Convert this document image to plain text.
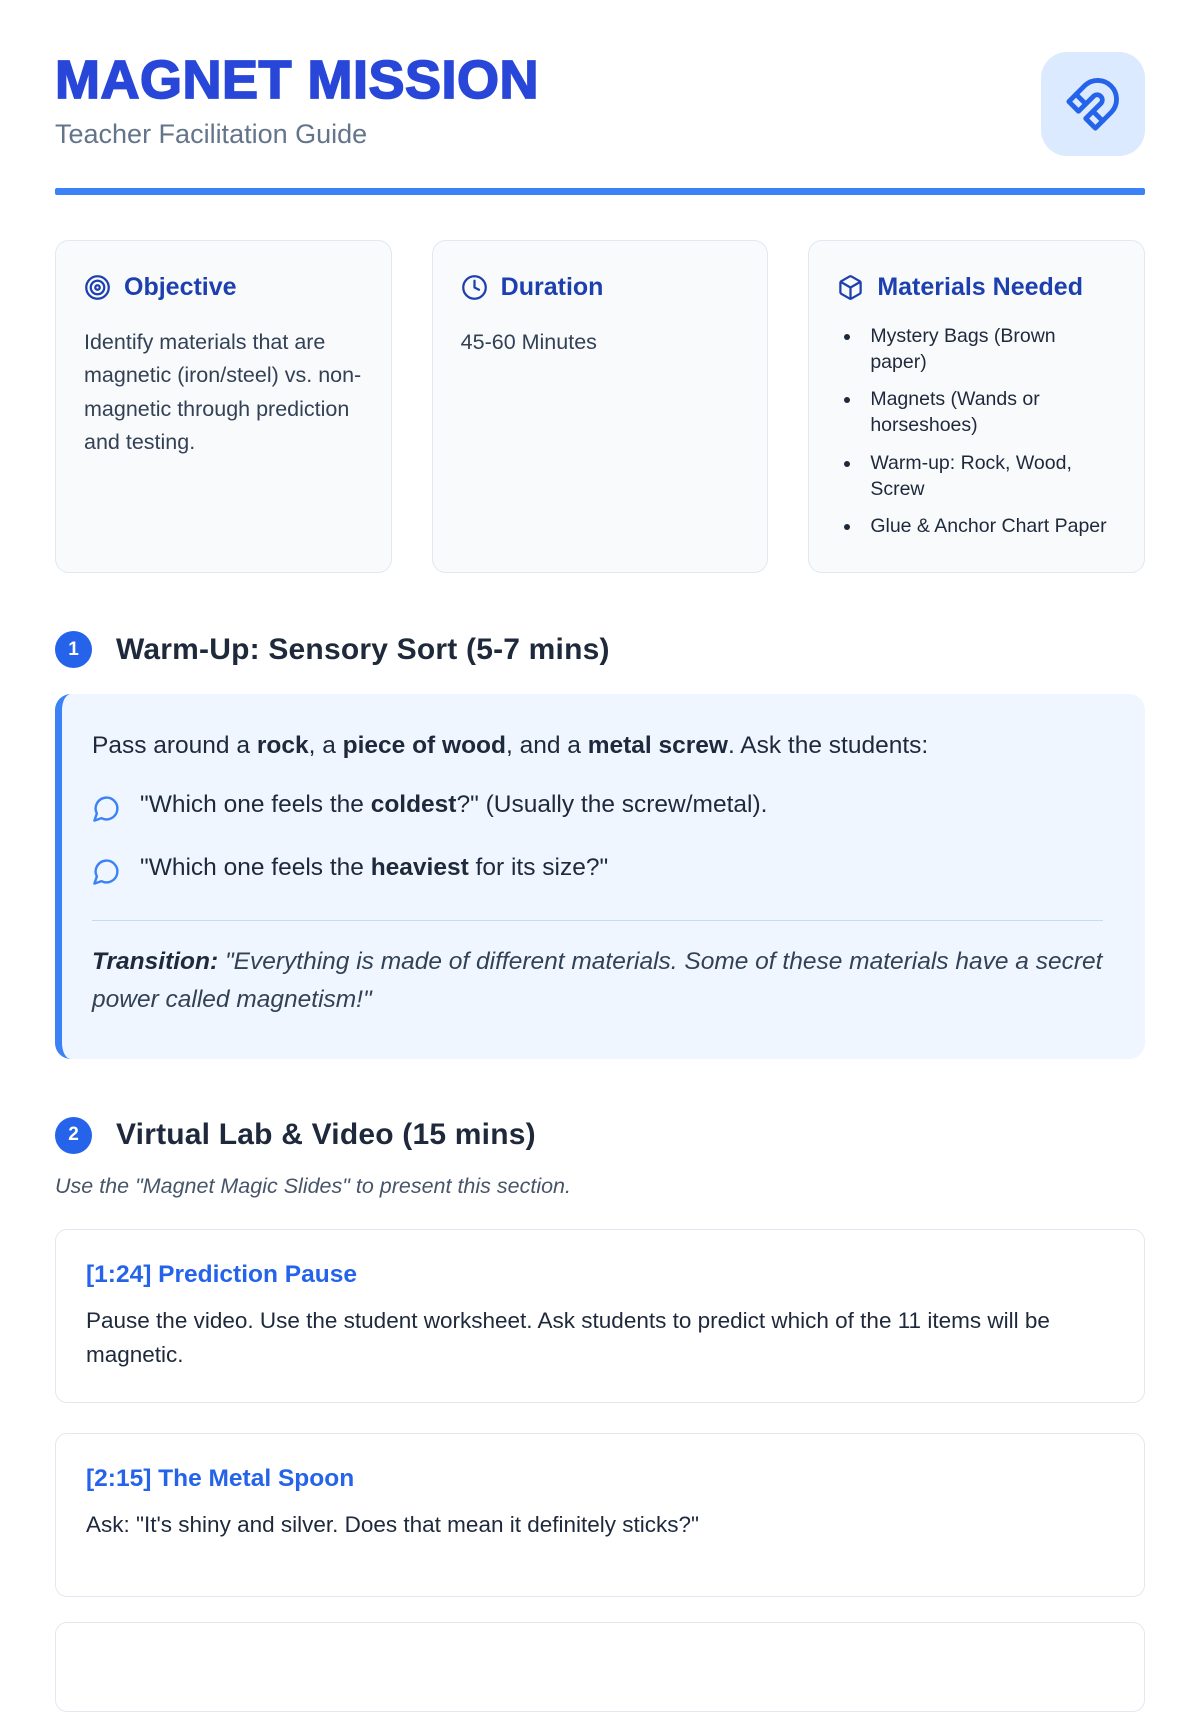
MAGNET MISSION
Teacher Facilitation Guide
Objective

Identify materials that are magnetic (iron/steel) vs. non-magnetic through prediction and testing.

Duration

45-60 Minutes

Materials Needed
• Mystery Bags (Brown paper)
• Magnets (Wands or horseshoes)
• Warm-up: Rock, Wood, Screw
• Glue & Anchor Chart Paper
1	Warm-Up: Sensory Sort (5-7 mins)

Pass around a rock, a piece of wood, and a metal screw. Ask the students:

"Which one feels the coldest?" (Usually the screw/metal).

"Which one feels the heaviest for its size?"

Transition: "Everything is made of different materials. Some of these materials have a secret power called magnetism!"

2	Virtual Lab & Video (15 mins)

Use the "Magnet Magic Slides" to present this section.

[1:24] Prediction Pause

Pause the video. Use the student worksheet. Ask students to predict which of the 11 items will be magnetic.

[2:15] The Metal Spoon

Ask: "It's shiny and silver. Does that mean it definitely sticks?"
